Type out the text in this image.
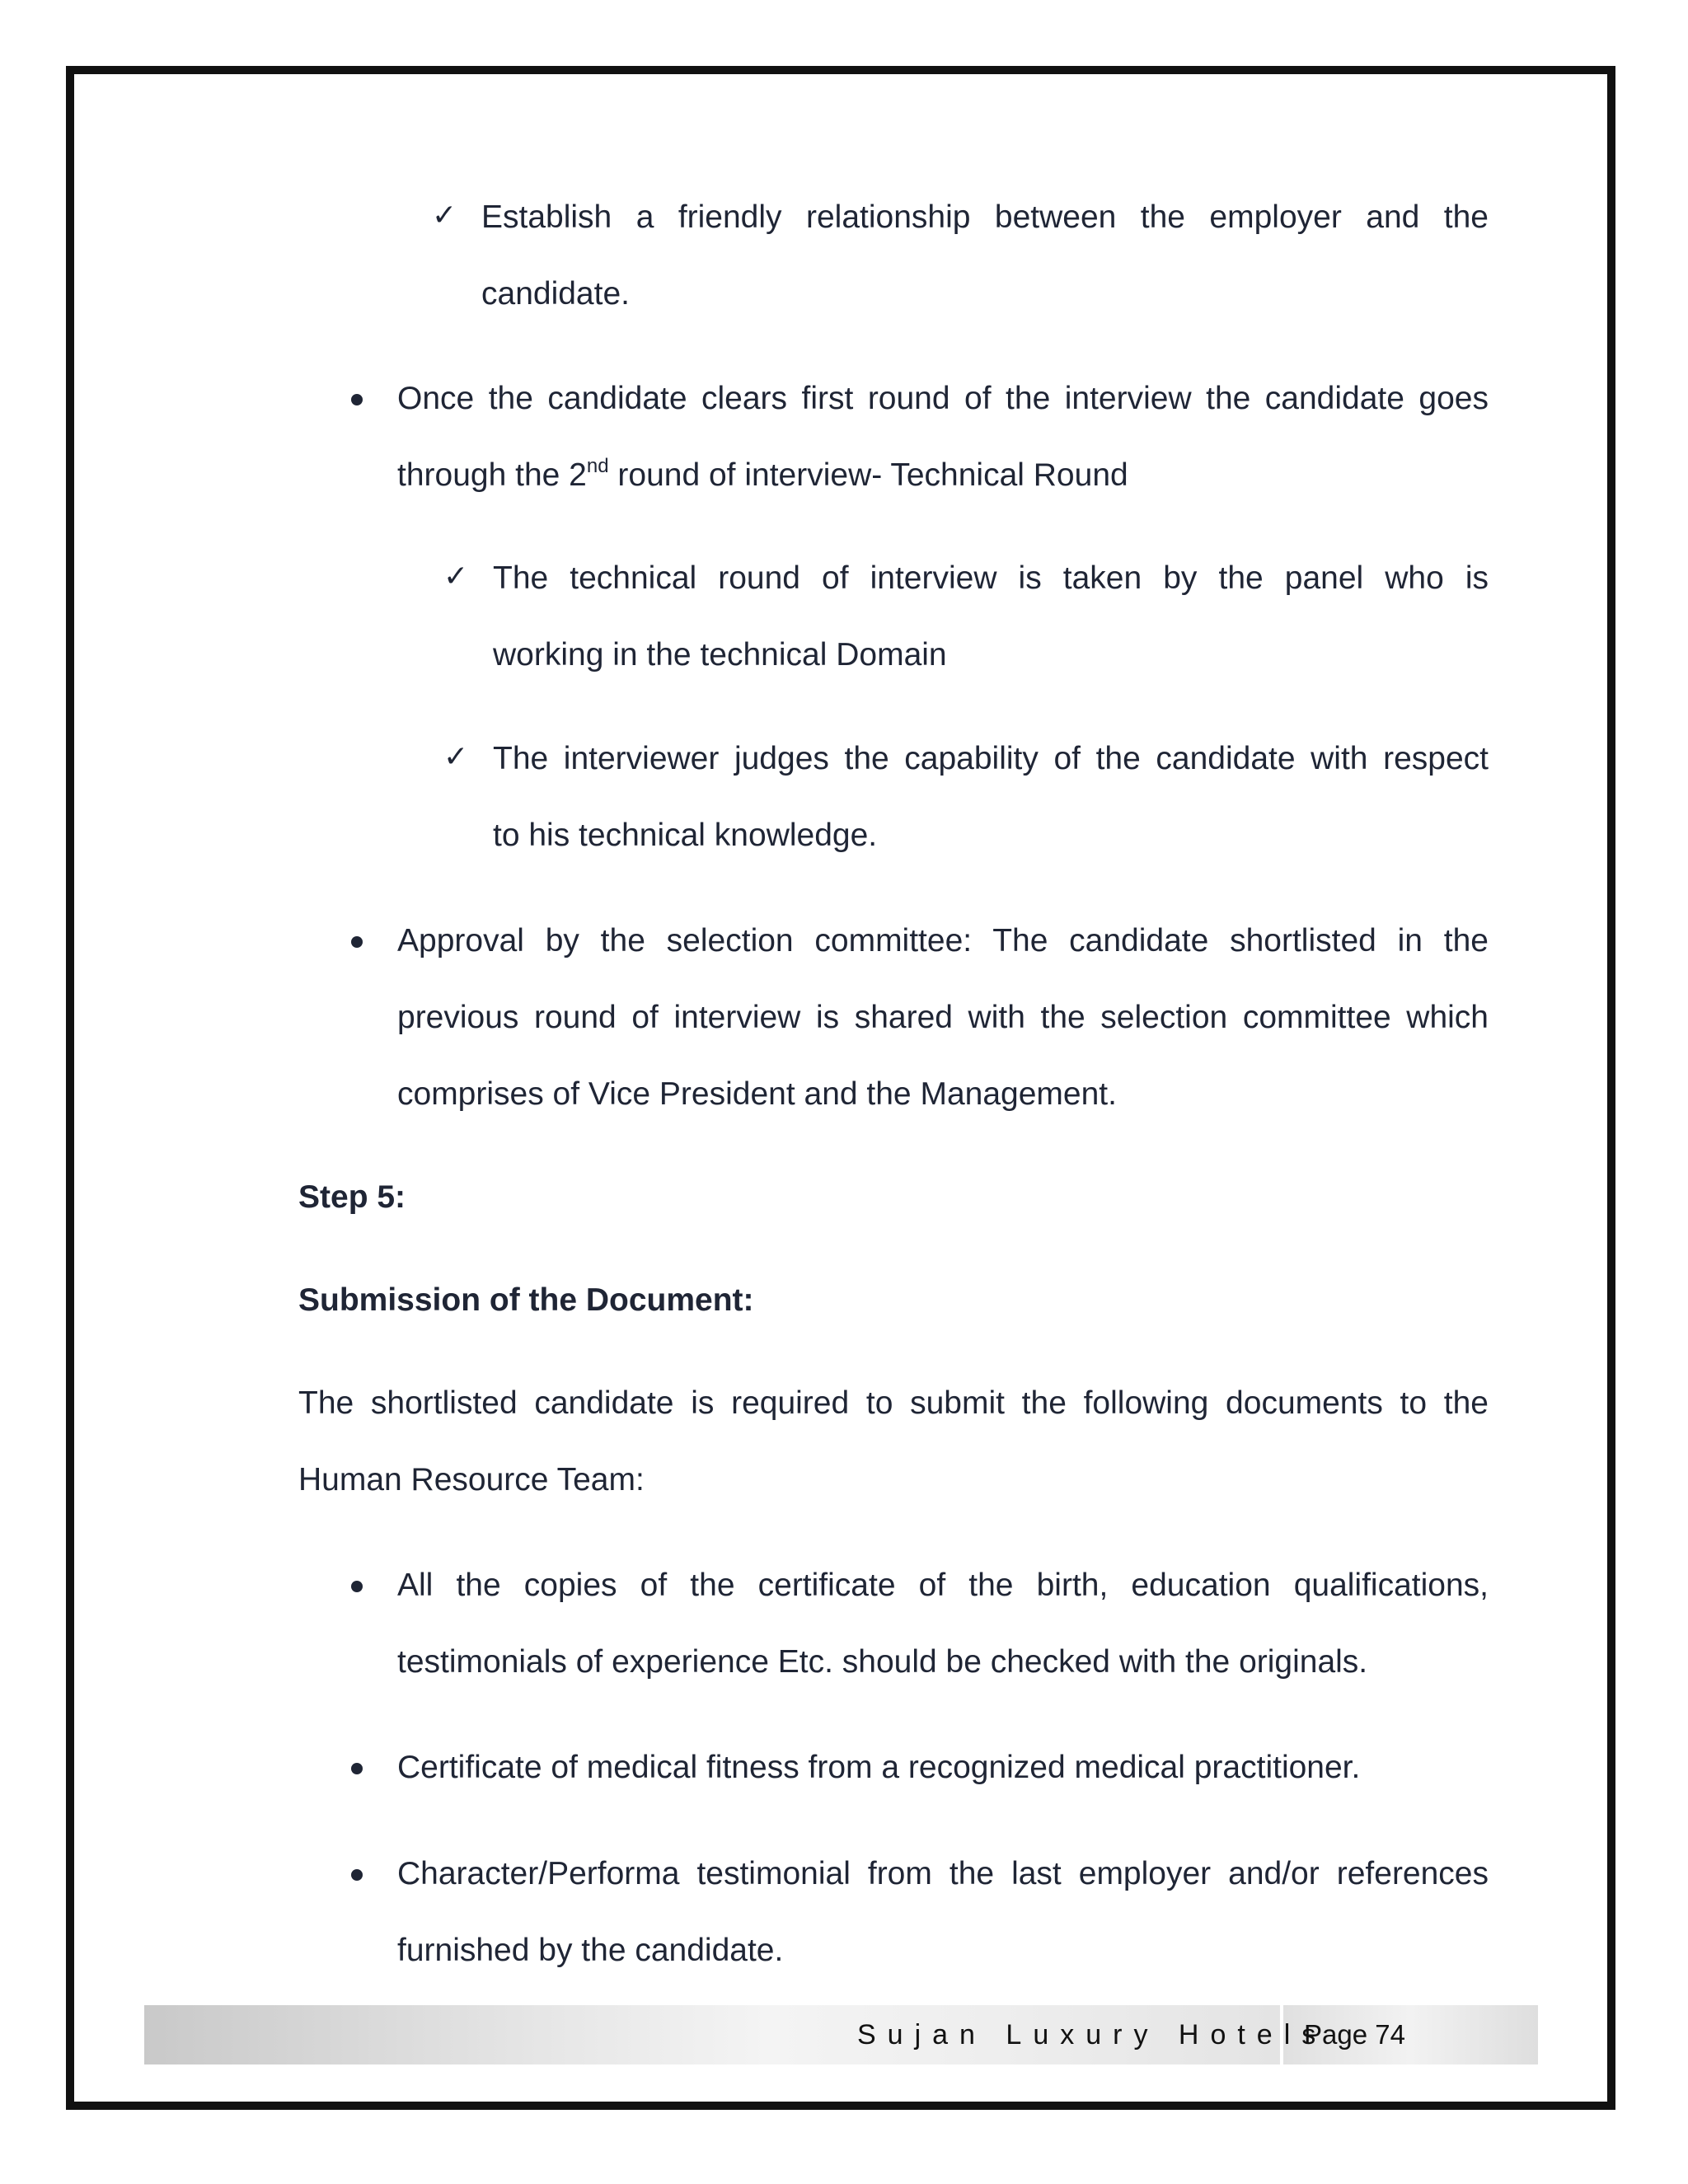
✓ Establish a friendly relationship between the employer and the
candidate.
Once the candidate clears first round of the interview the candidate goes
through the 2nd round of interview- Technical Round
✓ The technical round of interview is taken by the panel who is
working in the technical Domain
✓ The interviewer judges the capability of the candidate with respect
to his technical knowledge.
Approval by the selection committee: The candidate shortlisted in the
previous round of interview is shared with the selection committee which
comprises of Vice President and the Management.
Step 5:
Submission of the Document:
The shortlisted candidate is required to submit the following documents to the
Human Resource Team:
All the copies of the certificate of the birth, education qualifications,
testimonials of experience Etc. should be checked with the originals.
Certificate of medical fitness from a recognized medical practitioner.
Character/Performa testimonial from the last employer and/or references
furnished by the candidate.
Sujan Luxury Hotels
Page 74
